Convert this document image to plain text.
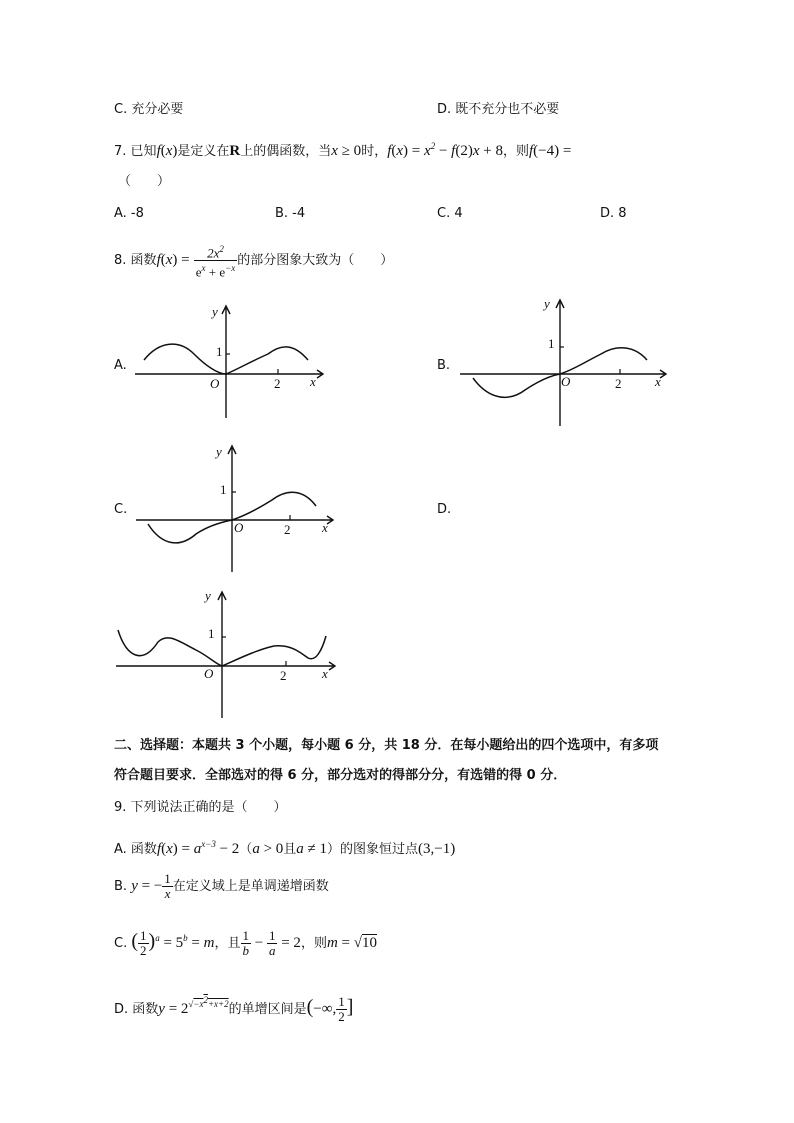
C. 充分必要	D. 既不充分也不必要
7. 已知f(x)是定义在R上的偶函数，当x ≥ 0时，$f(x) = x^2 - f(2)x + 8$，则f(−4) =
（　　）
A. -8	B. -4	C. 4	D. 8
8. 函数$f(x) = \frac{2x^2}{e^x + e^{-x}}$ 的部分图象大致为（　　）
A.	B.
C.	D.
y
x
O
1
2
y
x
O
1
2
y
x
O
1
2
y
x
O
1
2
二、选择题：本题共 3 个小题，每小题 6 分，共 18 分．在每小题给出的四个选项中，有多项
符合题目要求．全部选对的得 6 分，部分选对的得部分分，有选错的得 0 分．
9. 下列说法正确的是（　　）
A. 函数$f(x) = a^{x-3} - 2(a > 0$且a ≠ 1）的图象恒过点(3,−1)
B. y = − $\frac{1}{x}$ 在定义域上是单调递增函数
C. ( $\frac{1}{2} )^a = 5^b = m$，且 $\frac{1}{b} - \frac{1}{a} = 2$，则m = √10
D. 函数$y = 2^{√-x^2+x+2}$的单增区间是(−∞, $\frac{1}{2}$ ]
